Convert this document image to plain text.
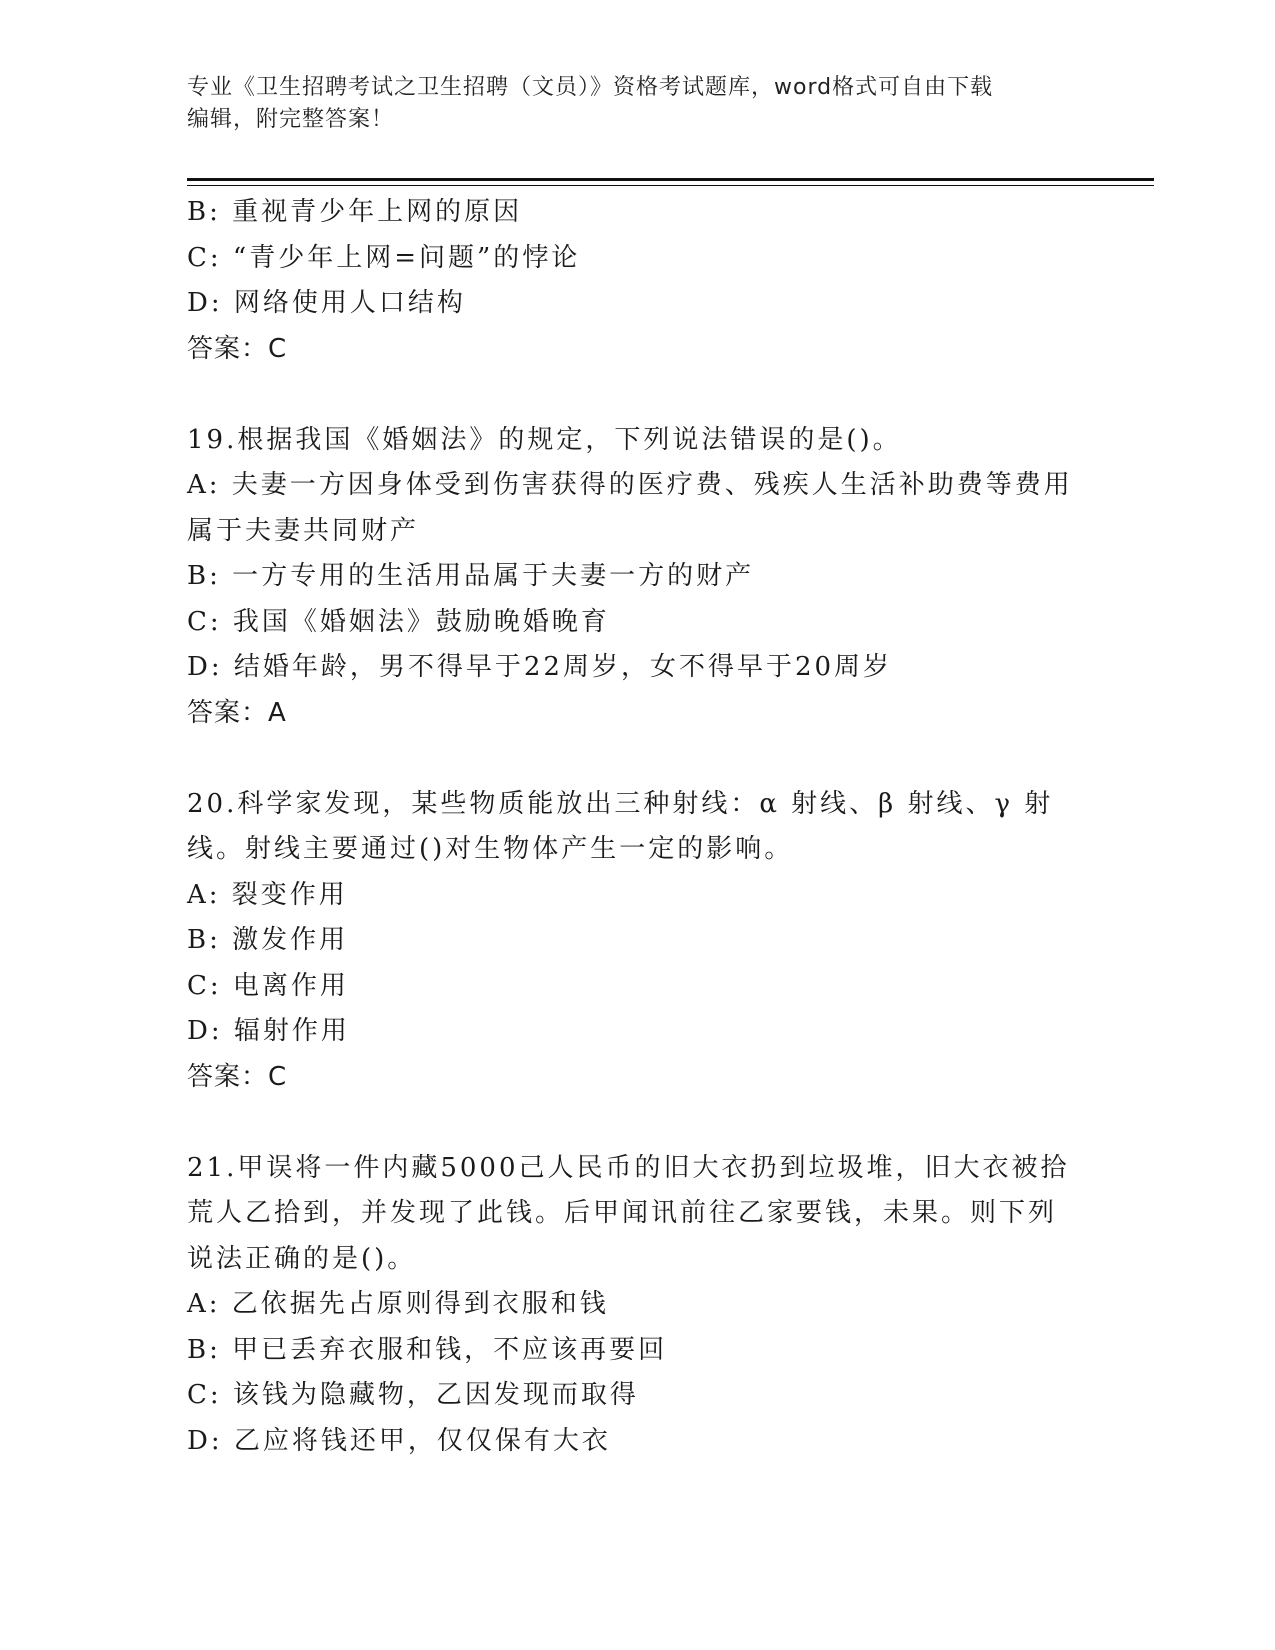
专业《卫生招聘考试之卫生招聘（文员）》资格考试题库，word格式可自由下载
编辑，附完整答案！
B: 重视青少年上网的原因
C: “青少年上网=问题”的悖论
D: 网络使用人口结构
答案：C
19.根据我国《婚姻法》的规定，下列说法错误的是()。
A: 夫妻一方因身体受到伤害获得的医疗费、残疾人生活补助费等费用
属于夫妻共同财产
B: 一方专用的生活用品属于夫妻一方的财产
C: 我国《婚姻法》鼓励晚婚晚育
D: 结婚年龄，男不得早于22周岁，女不得早于20周岁
答案：A
20.科学家发现，某些物质能放出三种射线：α 射线、β 射线、γ 射
线。射线主要通过()对生物体产生一定的影响。
A: 裂变作用
B: 激发作用
C: 电离作用
D: 辐射作用
答案：C
21.甲误将一件内藏5000己人民币的旧大衣扔到垃圾堆，旧大衣被拾
荒人乙拾到，并发现了此钱。后甲闻讯前往乙家要钱，未果。则下列
说法正确的是()。
A: 乙依据先占原则得到衣服和钱
B: 甲已丢弃衣服和钱，不应该再要回
C: 该钱为隐藏物，乙因发现而取得
D: 乙应将钱还甲，仅仅保有大衣
